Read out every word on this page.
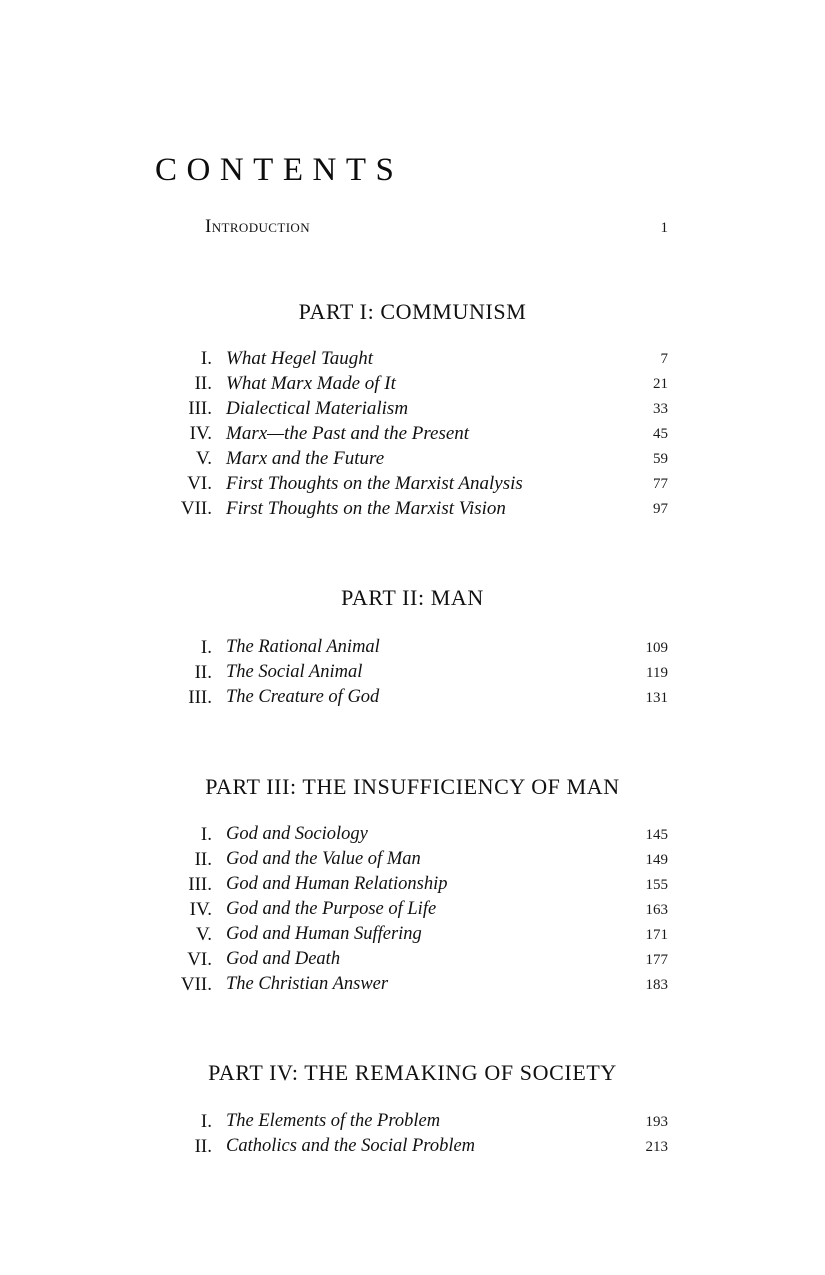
CONTENTS
Introduction	1
PART I: COMMUNISM
I. What Hegel Taught	7
II. What Marx Made of It	21
III. Dialectical Materialism	33
IV. Marx—the Past and the Present	45
V. Marx and the Future	59
VI. First Thoughts on the Marxist Analysis	77
VII. First Thoughts on the Marxist Vision	97
PART II: MAN
I. The Rational Animal	109
II. The Social Animal	119
III. The Creature of God	131
PART III: THE INSUFFICIENCY OF MAN
I. God and Sociology	145
II. God and the Value of Man	149
III. God and Human Relationship	155
IV. God and the Purpose of Life	163
V. God and Human Suffering	171
VI. God and Death	177
VII. The Christian Answer	183
PART IV: THE REMAKING OF SOCIETY
I. The Elements of the Problem	193
II. Catholics and the Social Problem	213
